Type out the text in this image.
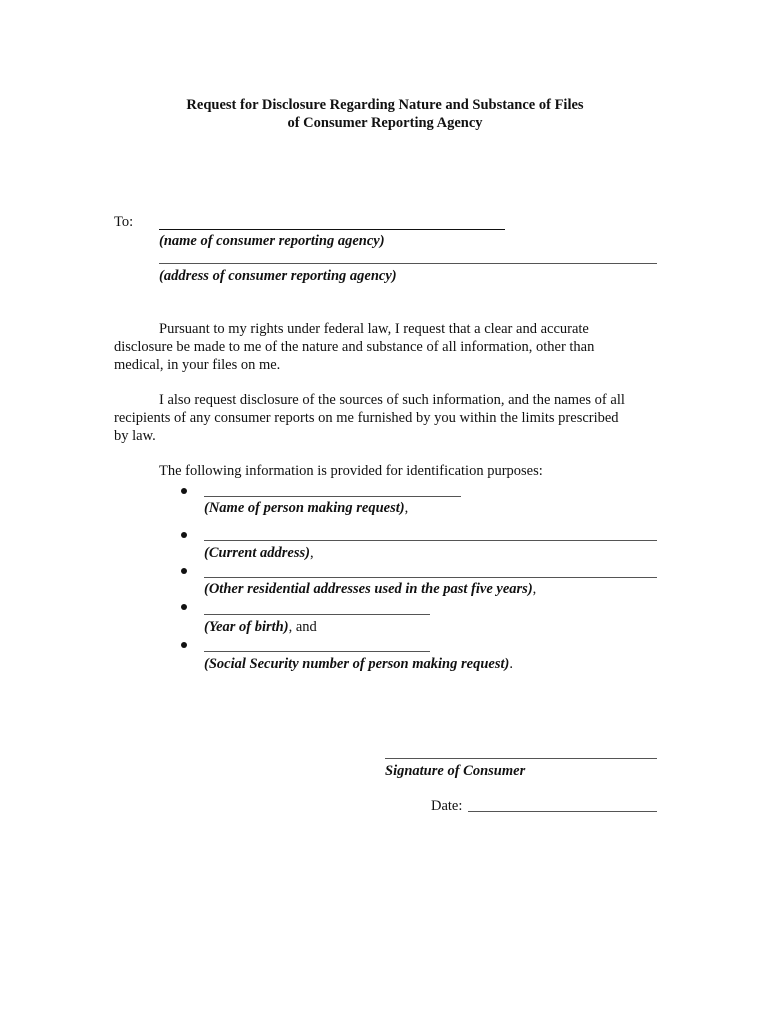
Request for Disclosure Regarding Nature and Substance of Files
of Consumer Reporting Agency
To:
(name of consumer reporting agency)
(address of consumer reporting agency)
Pursuant to my rights under federal law, I request that a clear and accurate
disclosure be made to me of the nature and substance of all information, other than
medical, in your files on me.
I also request disclosure of the sources of such information, and the names of all
recipients of any consumer reports on me furnished by you within the limits prescribed
by law.
The following information is provided for identification purposes:
(Name of person making request),
(Current address),
(Other residential addresses used in the past five years),
(Year of birth), and
(Social Security number of person making request).
Signature of Consumer
Date:
